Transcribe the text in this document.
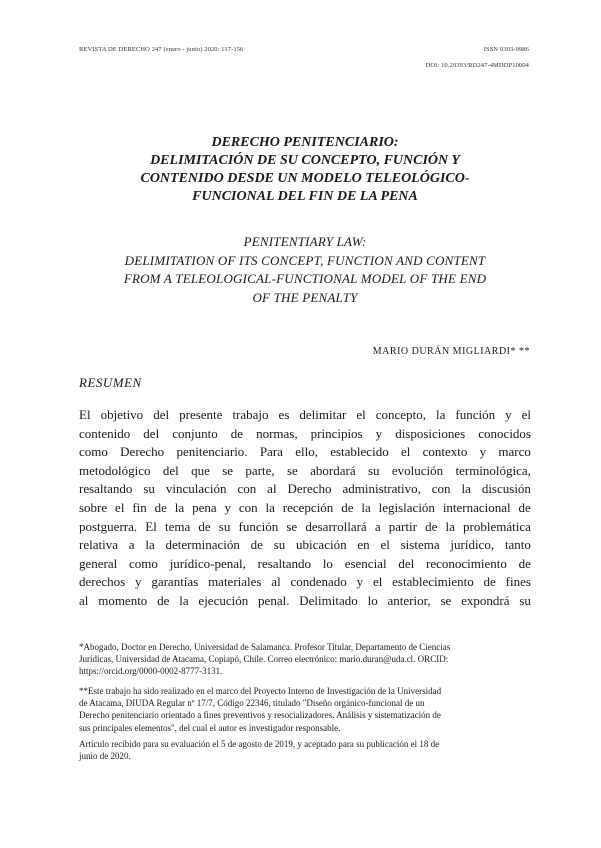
REVISTA DE DERECHO 247 (enero - junio) 2020: 117-156	ISSN 0303-9986
DOI: 10.29393/RD247-4MDDP10004
DERECHO PENITENCIARIO:
DELIMITACIÓN DE SU CONCEPTO, FUNCIÓN Y
CONTENIDO DESDE UN MODELO TELEOLÓGICO-
FUNCIONAL DEL FIN DE LA PENA
PENITENTIARY LAW:
DELIMITATION OF ITS CONCEPT, FUNCTION AND CONTENT
FROM A TELEOLOGICAL-FUNCTIONAL MODEL OF THE END
OF THE PENALTY
MARIO DURÁN MIGLIARDI* **
RESUMEN
El objetivo del presente trabajo es delimitar el concepto, la función y el
contenido del conjunto de normas, principios y disposiciones conocidos
como Derecho penitenciario. Para ello, establecido el contexto y marco
metodológico del que se parte, se abordará su evolución terminológica,
resaltando su vinculación con al Derecho administrativo, con la discusión
sobre el fin de la pena y con la recepción de la legislación internacional de
postguerra. El tema de su función se desarrollará a partir de la problemática
relativa a la determinación de su ubicación en el sistema jurídico, tanto
general como jurídico-penal, resaltando lo esencial del reconocimiento de
derechos y garantías materiales al condenado y el establecimiento de fines
al momento de la ejecución penal. Delimitado lo anterior, se expondrá su
*Abogado, Doctor en Derecho, Universidad de Salamanca. Profesor Titular, Departamento de Ciencias
Jurídicas, Universidad de Atacama, Copiapó, Chile. Correo electrónico: mario.duran@uda.cl. ORCID:
https://orcid.org/0000-0002-8777-3131.
**Este trabajo ha sido realizado en el marco del Proyecto Interno de Investigación de la Universidad
de Atacama, DIUDA Regular nº 17/7, Código 22346, titulado "Diseño orgánico-funcional de un
Derecho penitenciario orientado a fines preventivos y resocializadores. Análisis y sistematización de
sus principales elementos", del cual el autor es investigador responsable.
Artículo recibido para su evaluación el 5 de agosto de 2019, y aceptado para su publicación el 18 de
junio de 2020.
